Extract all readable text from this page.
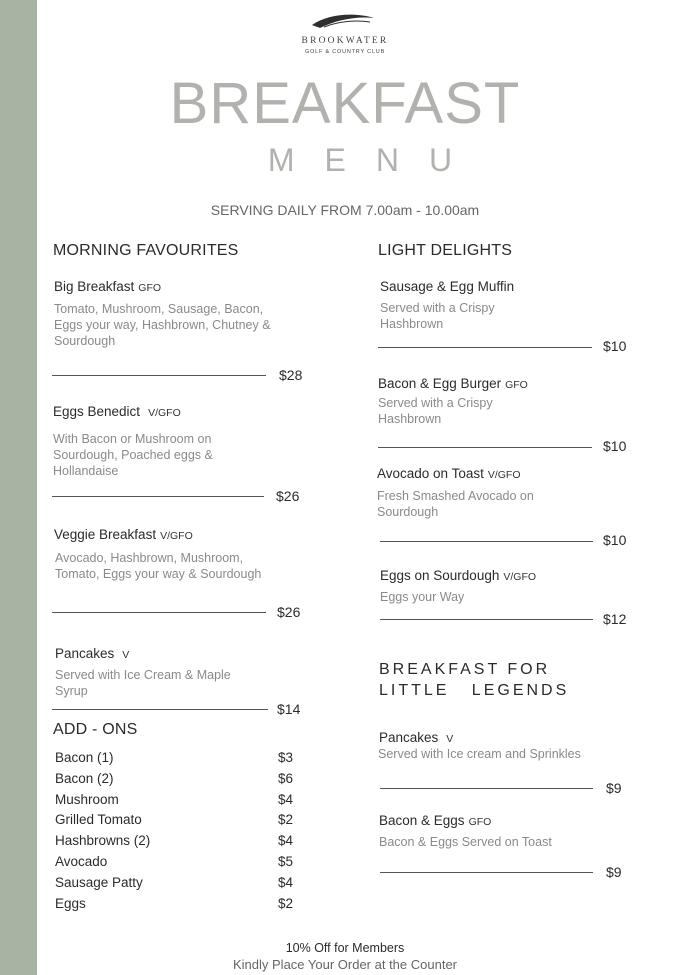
BROOKWATER
GOLF & COUNTRY CLUB
BREAKFAST
MENU
SERVING DAILY FROM 7.00am - 10.00am
MORNING FAVOURITES
Big Breakfast GFO
Tomato, Mushroom, Sausage, Bacon, Eggs your way, Hashbrown, Chutney & Sourdough
$28
Eggs Benedict V/GFO
With Bacon or Mushroom on Sourdough, Poached eggs & Hollandaise
$26
Veggie Breakfast V/GFO
Avocado, Hashbrown, Mushroom, Tomato, Eggs your way & Sourdough
$26
Pancakes V
Served with Ice Cream & Maple Syrup
$14
ADD - ONS
Bacon (1)	$3
Bacon (2)	$6
Mushroom	$4
Grilled Tomato	$2
Hashbrowns (2)	$4
Avocado	$5
Sausage Patty	$4
Eggs	$2
LIGHT DELIGHTS
Sausage & Egg Muffin
Served with a Crispy Hashbrown
$10
Bacon & Egg Burger GFO
Served with a Crispy Hashbrown
$10
Avocado on Toast V/GFO
Fresh Smashed Avocado on Sourdough
$10
Eggs on Sourdough V/GFO
Eggs your Way
$12
BREAKFAST FOR
LITTLE   LEGENDS
Pancakes V
Served with Ice cream and Sprinkles
$9
Bacon & Eggs GFO
Bacon & Eggs Served on Toast
$9
10% Off for Members
Kindly Place Your Order at the Counter
